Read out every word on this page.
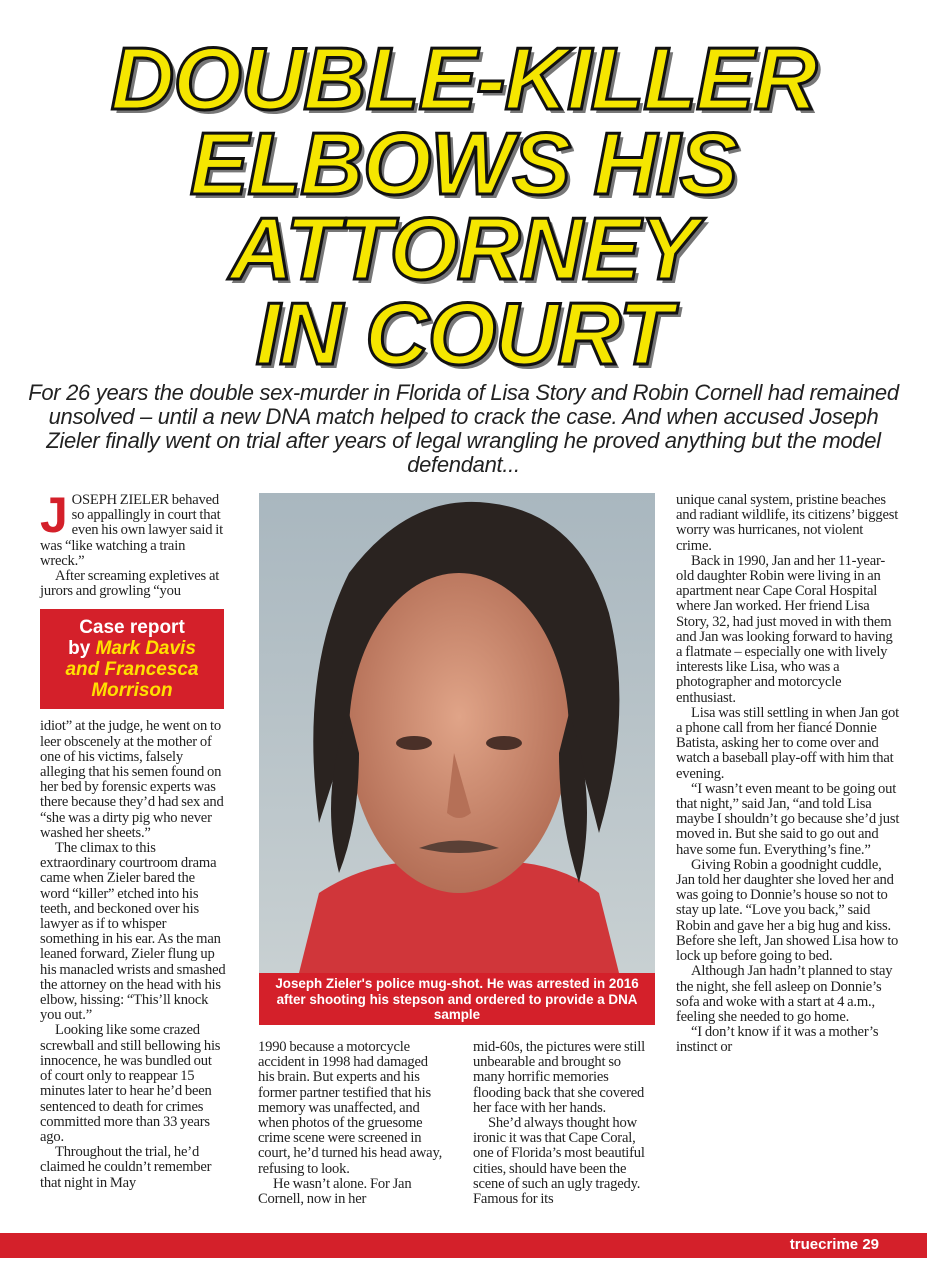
DOUBLE-KILLER
ELBOWS HIS
ATTORNEY
IN COURT
For 26 years the double sex-murder in Florida of Lisa Story and Robin Cornell had remained unsolved – until a new DNA match helped to crack the case. And when accused Joseph Zieler finally went on trial after years of legal wrangling he proved anything but the model defendant...

JOSEPH ZIELER behaved so appallingly in court that even his own lawyer said it was “like watching a train wreck.”

After screaming expletives at jurors and growling “you

Case report
by Mark Davis
and Francesca Morrison

idiot” at the judge, he went on to leer obscenely at the mother of one of his victims, falsely alleging that his semen found on her bed by forensic experts was there because they’d had sex and “she was a dirty pig who never washed her sheets.”

The climax to this extraordinary courtroom drama came when Zieler bared the word “killer” etched into his teeth, and beckoned over his lawyer as if to whisper something in his ear. As the man leaned forward, Zieler flung up his manacled wrists and smashed the attorney on the head with his elbow, hissing: “This’ll knock you out.”

Looking like some crazed screwball and still bellowing his innocence, he was bundled out of court only to reappear 15 minutes later to hear he’d been sentenced to death for crimes committed more than 33 years ago.

Throughout the trial, he’d claimed he couldn’t remember that night in May

Joseph Zieler's police mug-shot. He was arrested in 2016 after shooting his stepson and ordered to provide a DNA sample

1990 because a motorcycle accident in 1998 had damaged his brain. But experts and his former partner testified that his memory was unaffected, and when photos of the gruesome crime scene were screened in court, he’d turned his head away, refusing to look.

He wasn’t alone. For Jan Cornell, now in her

mid-60s, the pictures were still unbearable and brought so many horrific memories flooding back that she covered her face with her hands.

She’d always thought how ironic it was that Cape Coral, one of Florida’s most beautiful cities, should have been the scene of such an ugly tragedy. Famous for its

unique canal system, pristine beaches and radiant wildlife, its citizens’ biggest worry was hurricanes, not violent crime.

Back in 1990, Jan and her 11-year-old daughter Robin were living in an apartment near Cape Coral Hospital where Jan worked. Her friend Lisa Story, 32, had just moved in with them and Jan was looking forward to having a flatmate – especially one with lively interests like Lisa, who was a photographer and motorcycle enthusiast.

Lisa was still settling in when Jan got a phone call from her fiancé Donnie Batista, asking her to come over and watch a baseball play-off with him that evening.

“I wasn’t even meant to be going out that night,” said Jan, “and told Lisa maybe I shouldn’t go because she’d just moved in. But she said to go out and have some fun. Everything’s fine.”

Giving Robin a goodnight cuddle, Jan told her daughter she loved her and was going to Donnie’s house so not to stay up late. “Love you back,” said Robin and gave her a big hug and kiss. Before she left, Jan showed Lisa how to lock up before going to bed.

Although Jan hadn’t planned to stay the night, she fell asleep on Donnie’s sofa and woke with a start at 4 a.m., feeling she needed to go home.

“I don’t know if it was a mother’s instinct or

truecrime 29
